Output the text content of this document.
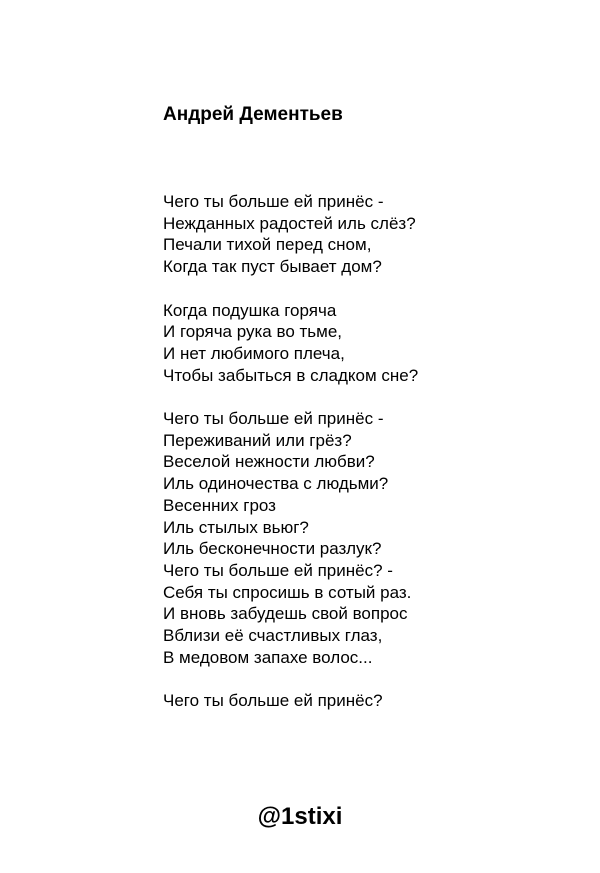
Андрей Дементьев
Чего ты больше ей принёс -
Нежданных радостей иль слёз?
Печали тихой перед сном,
Когда так пуст бывает дом?
Когда подушка горяча
И горяча рука во тьме,
И нет любимого плеча,
Чтобы забыться в сладком сне?
Чего ты больше ей принёс -
Переживаний или грёз?
Веселой нежности любви?
Иль одиночества с людьми?
Весенних гроз
Иль стылых вьюг?
Иль бесконечности разлук?
Чего ты больше ей принёс? -
Себя ты спросишь в сотый раз.
И вновь забудешь свой вопрос
Вблизи её счастливых глаз,
В медовом запахе волос...
Чего ты больше ей принёс?
@1stixi
